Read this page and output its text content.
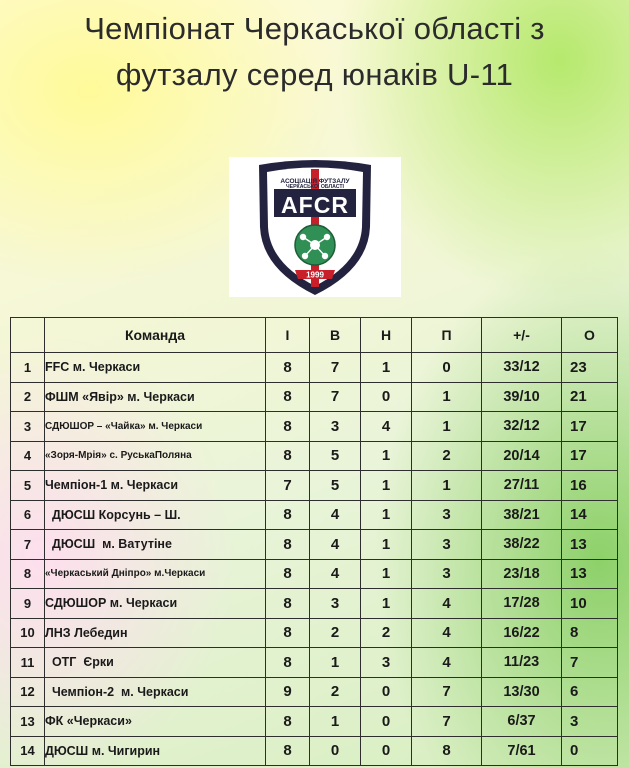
Чемпіонат Черкаської області з
футзалу серед юнаків U-11
АСОЦІАЦІЯ ФУТЗАЛУ
ЧЕРКАСЬКОЇ ОБЛАСТІ
AFCR
1999
	Команда	І	В	Н	П	+/-	О
1	FFC м. Черкаси	8	7	1	0	33/12	23
2	ФШМ «Явір» м. Черкаси	8	7	0	1	39/10	21
3	СДЮШОР – «Чайка» м. Черкаси	8	3	4	1	32/12	17
4	«Зоря-Мрія» с. РуськаПоляна	8	5	1	2	20/14	17
5	Чемпіон-1 м. Черкаси	7	5	1	1	27/11	16
6	ДЮСШ Корсунь – Ш.	8	4	1	3	38/21	14
7	ДЮСШ  м. Ватутіне	8	4	1	3	38/22	13
8	«Черкаський Дніпро» м.Черкаси	8	4	1	3	23/18	13
9	СДЮШОР м. Черкаси	8	3	1	4	17/28	10
10	ЛНЗ Лебедин	8	2	2	4	16/22	8
11	ОТГ  Єрки	8	1	3	4	11/23	7
12	Чемпіон-2  м. Черкаси	9	2	0	7	13/30	6
13	ФК «Черкаси»	8	1	0	7	6/37	3
14	ДЮСШ м. Чигирин	8	0	0	8	7/61	0
